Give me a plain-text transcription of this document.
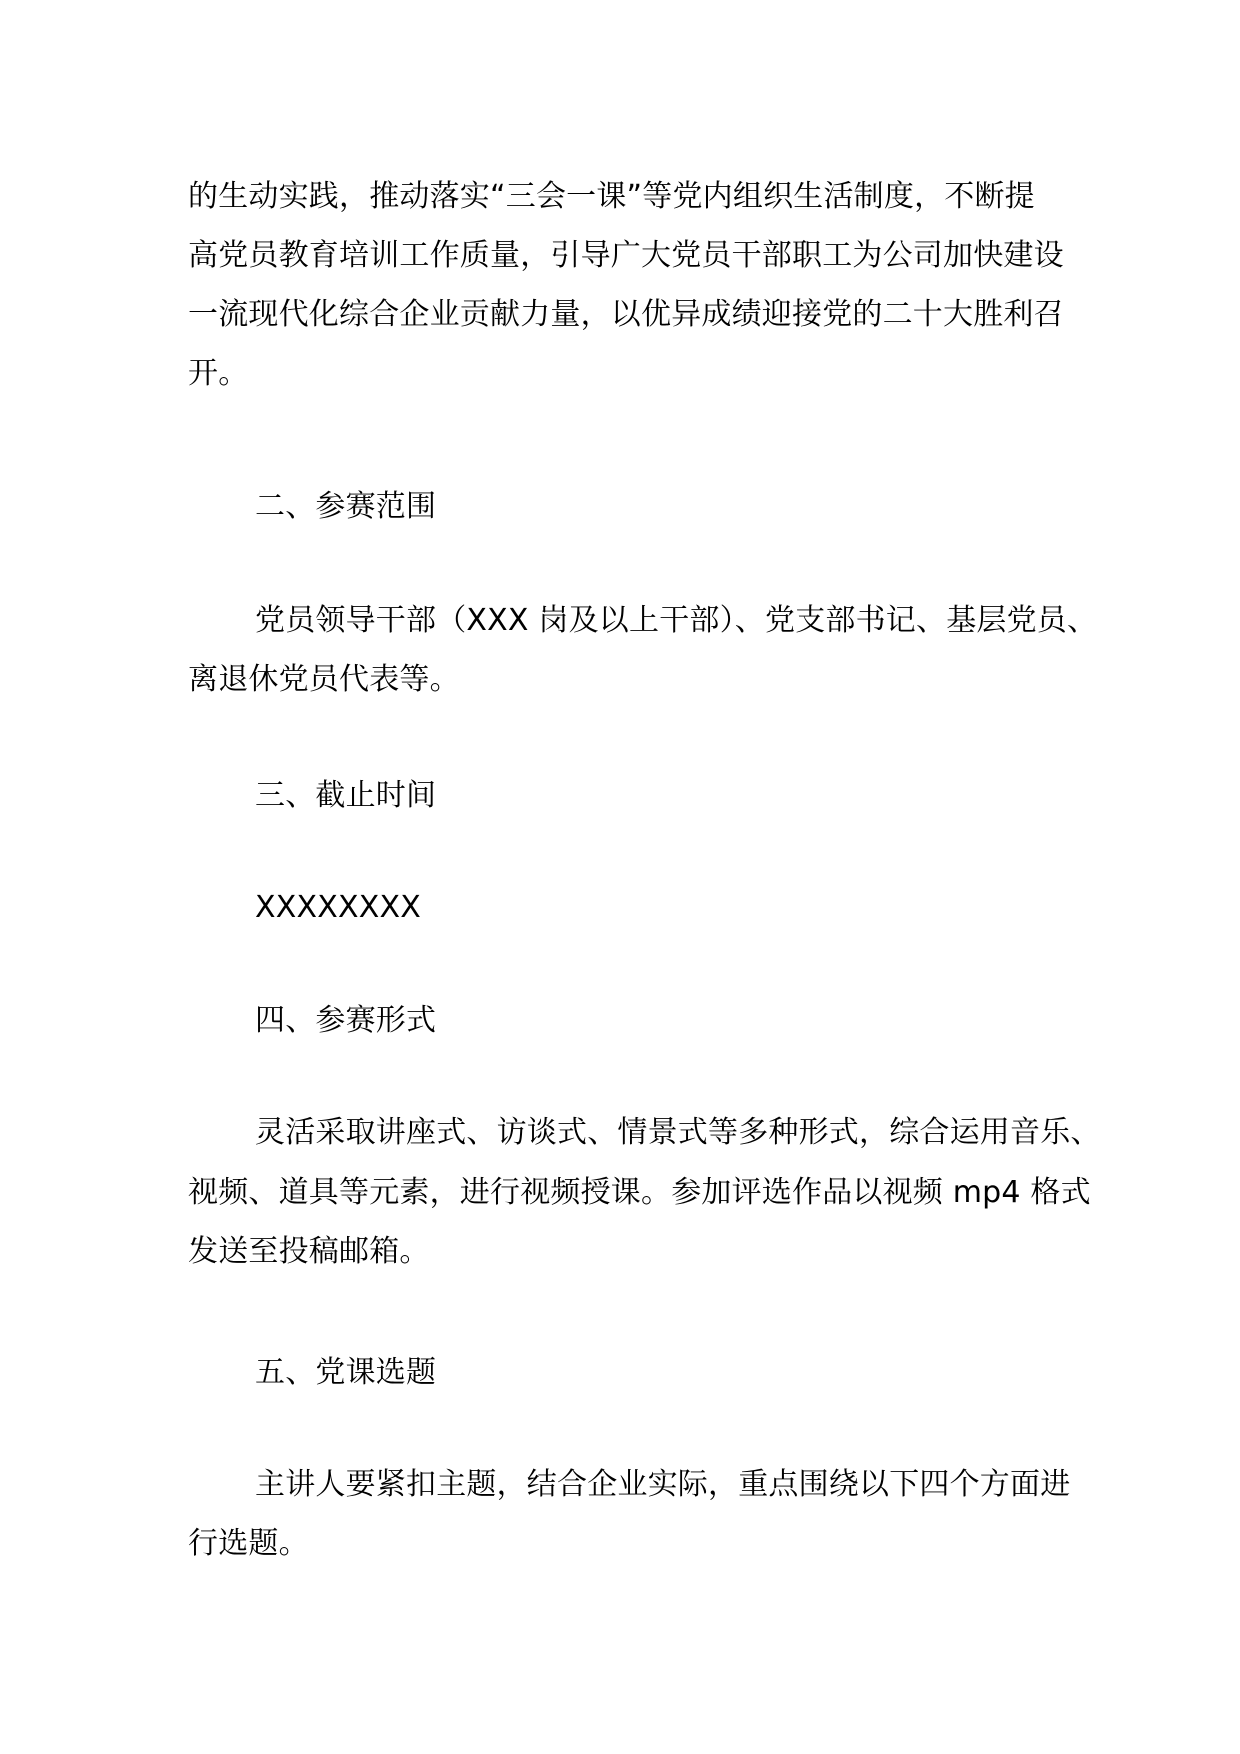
的生动实践，推动落实“三会一课”等党内组织生活制度，不断提
高党员教育培训工作质量，引导广大党员干部职工为公司加快建设
一流现代化综合企业贡献力量，以优异成绩迎接党的二十大胜利召
开。
二、参赛范围
党员领导干部（XXX 岗及以上干部）、党支部书记、基层党员、
离退休党员代表等。
三、截止时间
XXXXXXXX
四、参赛形式
灵活采取讲座式、访谈式、情景式等多种形式，综合运用音乐、
视频、道具等元素，进行视频授课。参加评选作品以视频 mp4 格式
发送至投稿邮箱。
五、党课选题
主讲人要紧扣主题，结合企业实际，重点围绕以下四个方面进
行选题。
